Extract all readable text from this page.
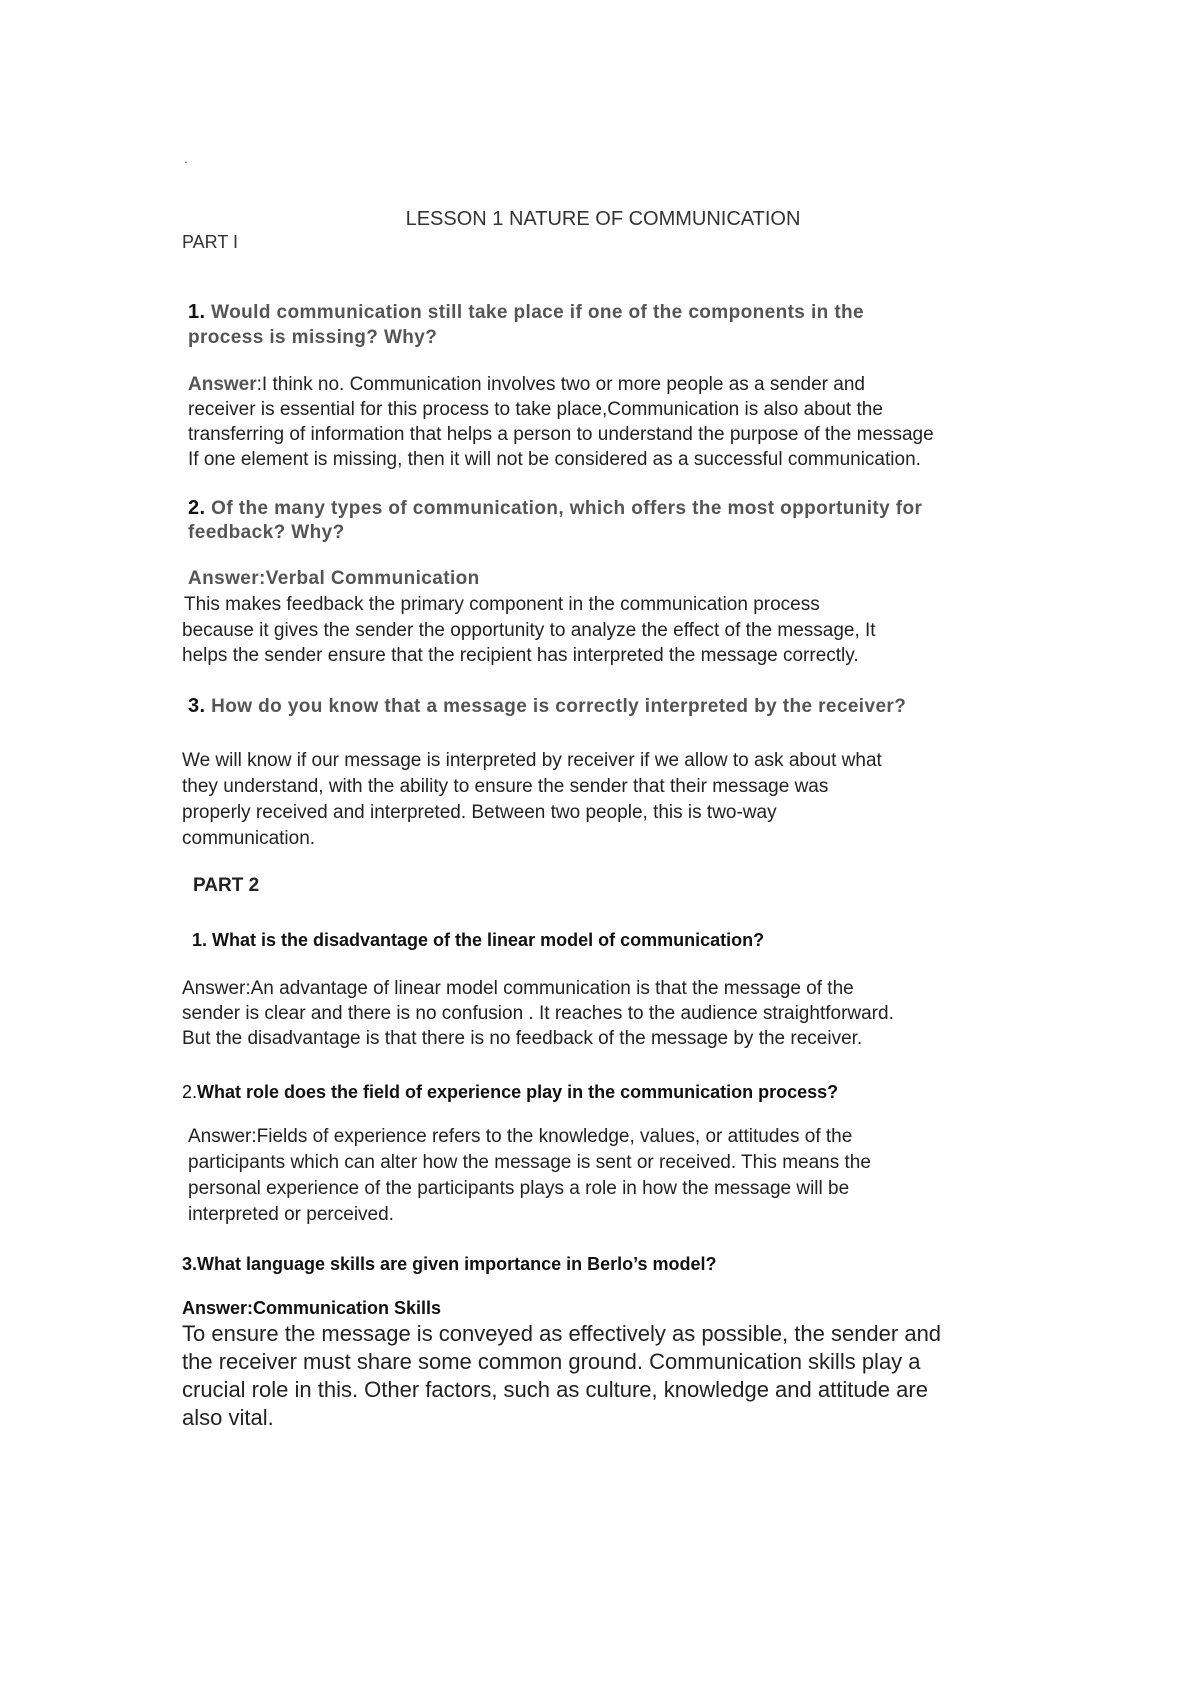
.
LESSON 1 NATURE OF COMMUNICATION
PART I
1. Would communication still take place if one of the components in the
process is missing? Why?
Answer:I think no. Communication involves two or more people as a sender and
receiver is essential for this process to take place,Communication is also about the
transferring of information that helps a person to understand the purpose of the message
If one element is missing, then it will not be considered as a successful communication.
2. Of the many types of communication, which offers the most opportunity for
feedback? Why?
Answer:Verbal Communication
This makes feedback the primary component in the communication process
because it gives the sender the opportunity to analyze the effect of the message, It
helps the sender ensure that the recipient has interpreted the message correctly.
3. How do you know that a message is correctly interpreted by the receiver?
We will know if our message is interpreted by receiver if we allow to ask about what
they understand, with the ability to ensure the sender that their message was
properly received and interpreted. Between two people, this is two-way
communication.
PART 2
1. What is the disadvantage of the linear model of communication?
Answer:An advantage of linear model communication is that the message of the
sender is clear and there is no confusion . It reaches to the audience straightforward.
But the disadvantage is that there is no feedback of the message by the receiver.
2.What role does the field of experience play in the communication process?
Answer:Fields of experience refers to the knowledge, values, or attitudes of the
participants which can alter how the message is sent or received. This means the
personal experience of the participants plays a role in how the message will be
interpreted or perceived.
3.What language skills are given importance in Berlo’s model?
Answer:Communication Skills
To ensure the message is conveyed as effectively as possible, the sender and
the receiver must share some common ground. Communication skills play a
crucial role in this. Other factors, such as culture, knowledge and attitude are
also vital.
